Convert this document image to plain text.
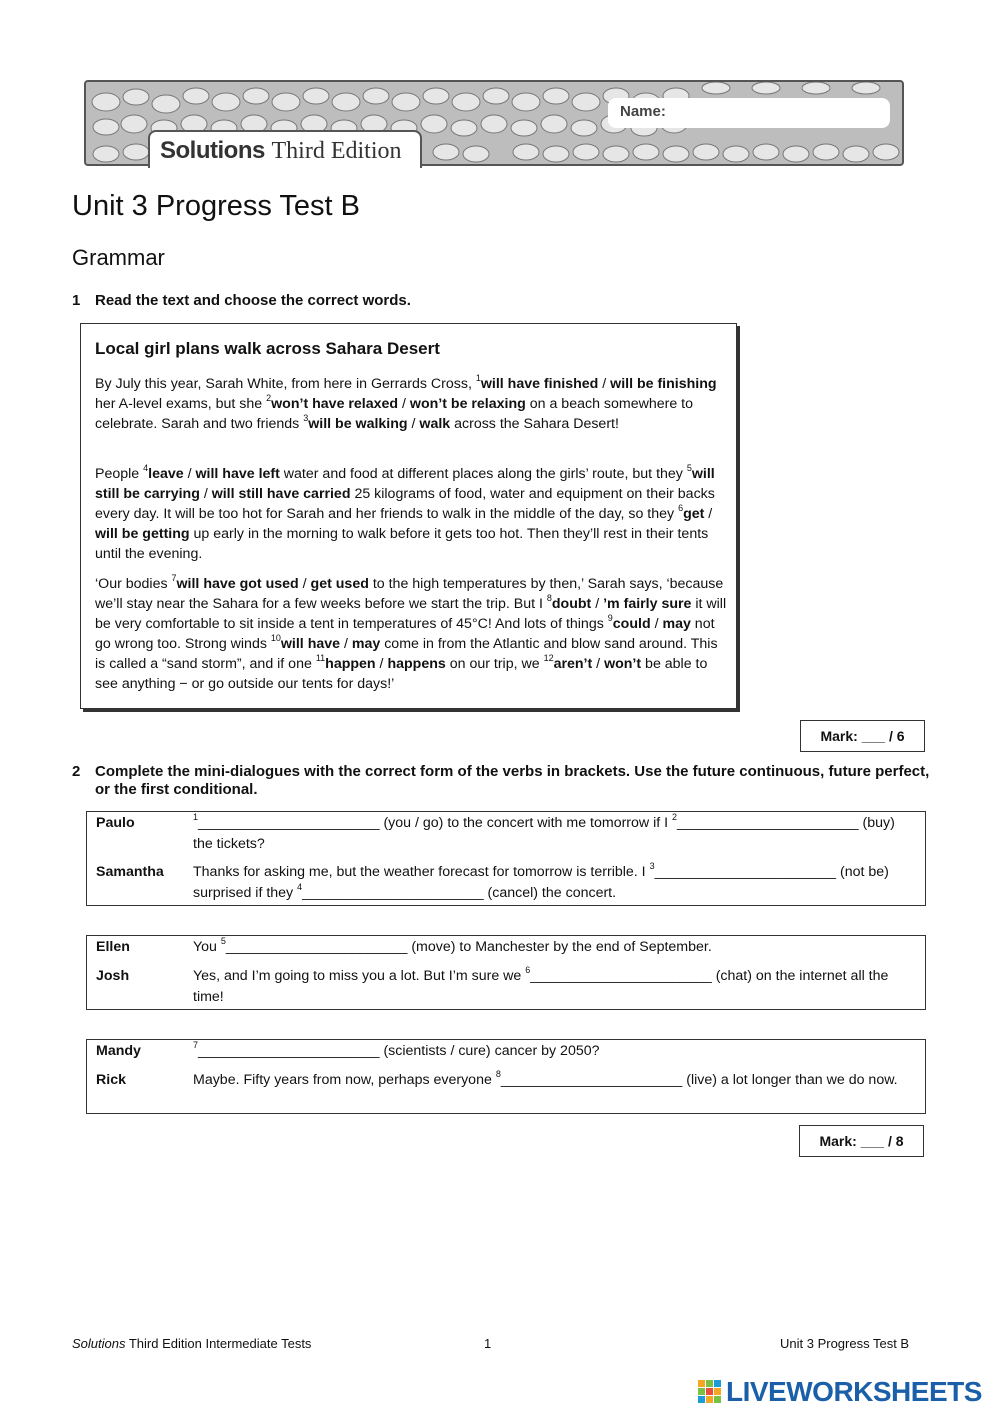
Name:
Solutions Third Edition
Unit 3 Progress Test B
Grammar
1 Read the text and choose the correct words.
Local girl plans walk across Sahara Desert

By July this year, Sarah White, from here in Gerrards Cross, $^1$will have finished / will be finishing her A-level exams, but she $^2$won’t have relaxed / won’t be relaxing on a beach somewhere to celebrate. Sarah and two friends $^3$will be walking / walk across the Sahara Desert!

People $^4$leave / will have left water and food at different places along the girls’ route, but they $^5$will still be carrying / will still have carried 25 kilograms of food, water and equipment on their backs every day. It will be too hot for Sarah and her friends to walk in the middle of the day, so they $^6$get / will be getting up early in the morning to walk before it gets too hot. Then they’ll rest in their tents until the evening.

‘Our bodies $^7$will have got used / get used to the high temperatures by then,’ Sarah says, ‘because we’ll stay near the Sahara for a few weeks before we start the trip. But I $^8$doubt / ’m fairly sure it will be very comfortable to sit inside a tent in temperatures of 45°C! And lots of things $^9$could / may not go wrong too. Strong winds $^{10}$will have / may come in from the Atlantic and blow sand around. This is called a “sand storm”, and if one $^{11}$happen / happens on our trip, we $^{12}$aren’t / won’t be able to see anything − or go outside our tents for days!’

Mark: ___ / 6
2 Complete the mini-dialogues with the correct form of the verbs in brackets. Use the future continuous, future perfect, or the first conditional.
Paulo	$^1$_______________________ (you / go) to the concert with me tomorrow if I $^2$_______________________ (buy) the tickets?
Samantha Thanks for asking me, but the weather forecast for tomorrow is terrible. I $^3$_______________________ (not be) surprised if they $^4$_______________________ (cancel) the concert.
Ellen	You $^5$_______________________ (move) to Manchester by the end of September.
Josh	Yes, and I’m going to miss you a lot. But I’m sure we $^6$_______________________ (chat) on the internet all the time!
Mandy	$^7$_______________________ (scientists / cure) cancer by 2050?
Rick	Maybe. Fifty years from now, perhaps everyone $^8$_______________________ (live) a lot longer than we do now.
Mark: ___ / 8
Solutions Third Edition Intermediate Tests	1	Unit 3 Progress Test B
LIVEWORKSHEETS
